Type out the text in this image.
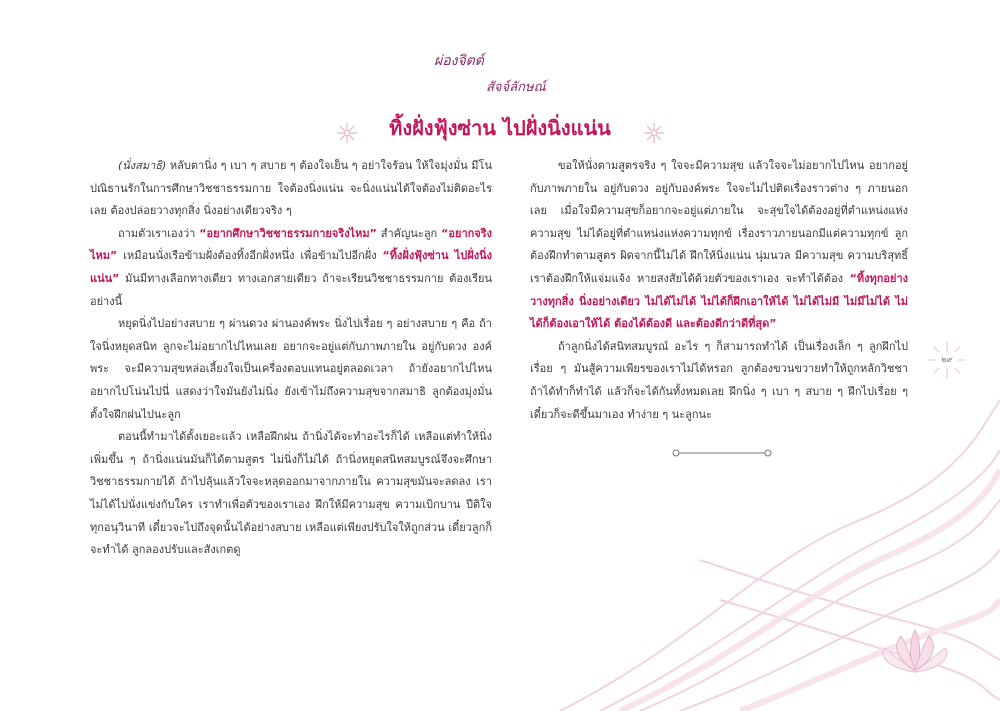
ผ่องจิตต์
สัจจ์ลักษณ์
ทิ้งฝั่งฟุ้งซ่าน ไปฝั่งนิ่งแน่น

(นั่งสมาธิ) หลับตานิ่ง ๆ เบา ๆ สบาย ๆ ต้องใจเย็น ๆ อย่าใจร้อน ให้ใจมุ่งมั่น มีโนปณิธานรักในการศึกษาวิชชาธรรมกาย ใจต้องนิ่งแน่น จะนิ่งแน่นได้ใจต้องไม่ติดอะไรเลย ต้องปล่อยวางทุกสิ่ง นิ่งอย่างเดียวจริง ๆ

ถามตัวเราเองว่า “อยากศึกษาวิชชาธรรมกายจริงไหม” สำคัญนะลูก “อยากจริงไหม” เหมือนนั่งเรือข้ามฝั่งต้องทิ้งอีกฝั่งหนึ่ง เพื่อข้ามไปอีกฝั่ง “ทิ้งฝั่งฟุ้งซ่าน ไปฝั่งนิ่งแน่น” มันมีทางเลือกทางเดียว ทางเอกสายเดียว ถ้าจะเรียนวิชชาธรรมกาย ต้องเรียนอย่างนี้

หยุดนิ่งไปอย่างสบาย ๆ ผ่านดวง ผ่านองค์พระ นิ่งไปเรื่อย ๆ อย่างสบาย ๆ คือ ถ้าใจนิ่งหยุดสนิท ลูกจะไม่อยากไปไหนเลย อยากจะอยู่แต่กับภาพภายใน อยู่กับดวง องค์พระ จะมีความสุขหล่อเลี้ยงใจเป็นเครื่องตอบแทนอยู่ตลอดเวลา ถ้ายังอยากไปไหน อยากไปโน่นไปนี่ แสดงว่าใจมันยังไม่นิ่ง ยังเข้าไม่ถึงความสุขจากสมาธิ ลูกต้องมุ่งมั่น ตั้งใจฝึกฝนไปนะลูก

ตอนนี้ทำมาได้ตั้งเยอะแล้ว เหลือฝึกฝน ถ้านิ่งได้จะทำอะไรก็ได้ เหลือแต่ทำให้นิ่งเพิ่มขึ้น ๆ ถ้านิ่งแน่นมันก็ได้ตามสูตร ไม่นิ่งก็ไม่ได้ ถ้านิ่งหยุดสนิทสมบูรณ์จึงจะศึกษาวิชชาธรรมกายได้ ถ้าไปลุ้นแล้วใจจะหลุดออกมาจากภายใน ความสุขมันจะลดลง เราไม่ได้ไปนั่งแข่งกับใคร เราทำเพื่อตัวของเราเอง ฝึกให้มีความสุข ความเบิกบาน ปีติใจทุกอนุวินาที เดี๋ยวจะไปถึงจุดนั้นได้อย่างสบาย เหลือแต่เพียงปรับใจให้ถูกส่วน เดี๋ยวลูกก็จะทำได้ ลูกลองปรับและสังเกตดู

ขอให้นั่งตามสูตรจริง ๆ ใจจะมีความสุข แล้วใจจะไม่อยากไปไหน อยากอยู่กับภาพภายใน อยู่กับดวง อยู่กับองค์พระ ใจจะไม่ไปติดเรื่องราวต่าง ๆ ภายนอกเลย เมื่อใจมีความสุขก็อยากจะอยู่แต่ภายใน จะสุขใจได้ต้องอยู่ที่ตำแหน่งแห่งความสุข ไม่ได้อยู่ที่ตำแหน่งแห่งความทุกข์ เรื่องราวภายนอกมีแต่ความทุกข์ ลูกต้องฝึกทำตามสูตร ผิดจากนี้ไม่ได้ ฝึกให้นิ่งแน่น นุ่มนวล มีความสุข ความบริสุทธิ์ เราต้องฝึกให้แจ่มแจ้ง หายสงสัยได้ด้วยตัวของเราเอง จะทำได้ต้อง “ทิ้งทุกอย่าง วางทุกสิ่ง นิ่งอย่างเดียว ไม่ได้ไม่ได้ ไม่ได้ก็ฝึกเอาให้ได้ ไม่ได้ไม่มี ไม่มีไม่ได้ ไม่ได้ก็ต้องเอาให้ได้ ต้องได้ต้องดี และต้องดีกว่าดีที่สุด”

ถ้าลูกนิ่งได้สนิทสมบูรณ์ อะไร ๆ ก็สามารถทำได้ เป็นเรื่องเล็ก ๆ ลูกฝึกไปเรื่อย ๆ มันสู้ความเพียรของเราไม่ได้หรอก ลูกต้องขวนขวายทำให้ถูกหลักวิชชา ถ้าได้ทำก็ทำได้ แล้วก็จะได้กันทั้งหมดเลย ฝึกนิ่ง ๆ เบา ๆ สบาย ๆ ฝึกไปเรื่อย ๆ เดี๋ยวก็จะดีขึ้นมาเอง ทำง่าย ๆ นะลูกนะ

๒๙
